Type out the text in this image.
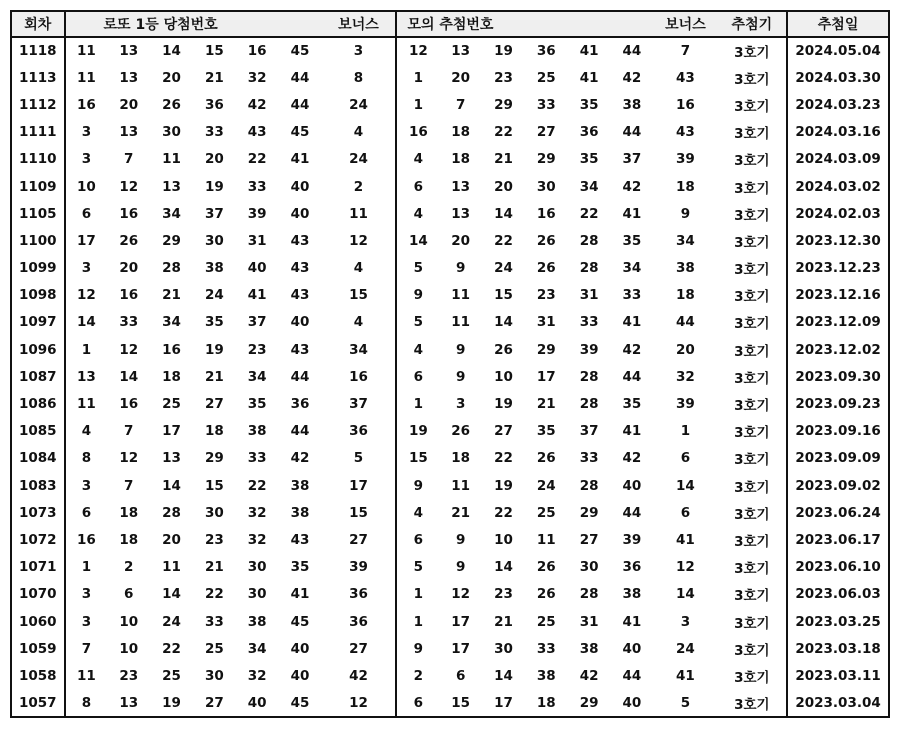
회차	로또 1등 당첨번호						보너스	모의 추첨번호						보너스	추첨기	추첨일
1118	11	13	14	15	16	45	3	12	13	19	36	41	44	7	3호기	2024.05.04
1113	11	13	20	21	32	44	8	1	20	23	25	41	42	43	3호기	2024.03.30
1112	16	20	26	36	42	44	24	1	7	29	33	35	38	16	3호기	2024.03.23
1111	3	13	30	33	43	45	4	16	18	22	27	36	44	43	3호기	2024.03.16
1110	3	7	11	20	22	41	24	4	18	21	29	35	37	39	3호기	2024.03.09
1109	10	12	13	19	33	40	2	6	13	20	30	34	42	18	3호기	2024.03.02
1105	6	16	34	37	39	40	11	4	13	14	16	22	41	9	3호기	2024.02.03
1100	17	26	29	30	31	43	12	14	20	22	26	28	35	34	3호기	2023.12.30
1099	3	20	28	38	40	43	4	5	9	24	26	28	34	38	3호기	2023.12.23
1098	12	16	21	24	41	43	15	9	11	15	23	31	33	18	3호기	2023.12.16
1097	14	33	34	35	37	40	4	5	11	14	31	33	41	44	3호기	2023.12.09
1096	1	12	16	19	23	43	34	4	9	26	29	39	42	20	3호기	2023.12.02
1087	13	14	18	21	34	44	16	6	9	10	17	28	44	32	3호기	2023.09.30
1086	11	16	25	27	35	36	37	1	3	19	21	28	35	39	3호기	2023.09.23
1085	4	7	17	18	38	44	36	19	26	27	35	37	41	1	3호기	2023.09.16
1084	8	12	13	29	33	42	5	15	18	22	26	33	42	6	3호기	2023.09.09
1083	3	7	14	15	22	38	17	9	11	19	24	28	40	14	3호기	2023.09.02
1073	6	18	28	30	32	38	15	4	21	22	25	29	44	6	3호기	2023.06.24
1072	16	18	20	23	32	43	27	6	9	10	11	27	39	41	3호기	2023.06.17
1071	1	2	11	21	30	35	39	5	9	14	26	30	36	12	3호기	2023.06.10
1070	3	6	14	22	30	41	36	1	12	23	26	28	38	14	3호기	2023.06.03
1060	3	10	24	33	38	45	36	1	17	21	25	31	41	3	3호기	2023.03.25
1059	7	10	22	25	34	40	27	9	17	30	33	38	40	24	3호기	2023.03.18
1058	11	23	25	30	32	40	42	2	6	14	38	42	44	41	3호기	2023.03.11
1057	8	13	19	27	40	45	12	6	15	17	18	29	40	5	3호기	2023.03.04
